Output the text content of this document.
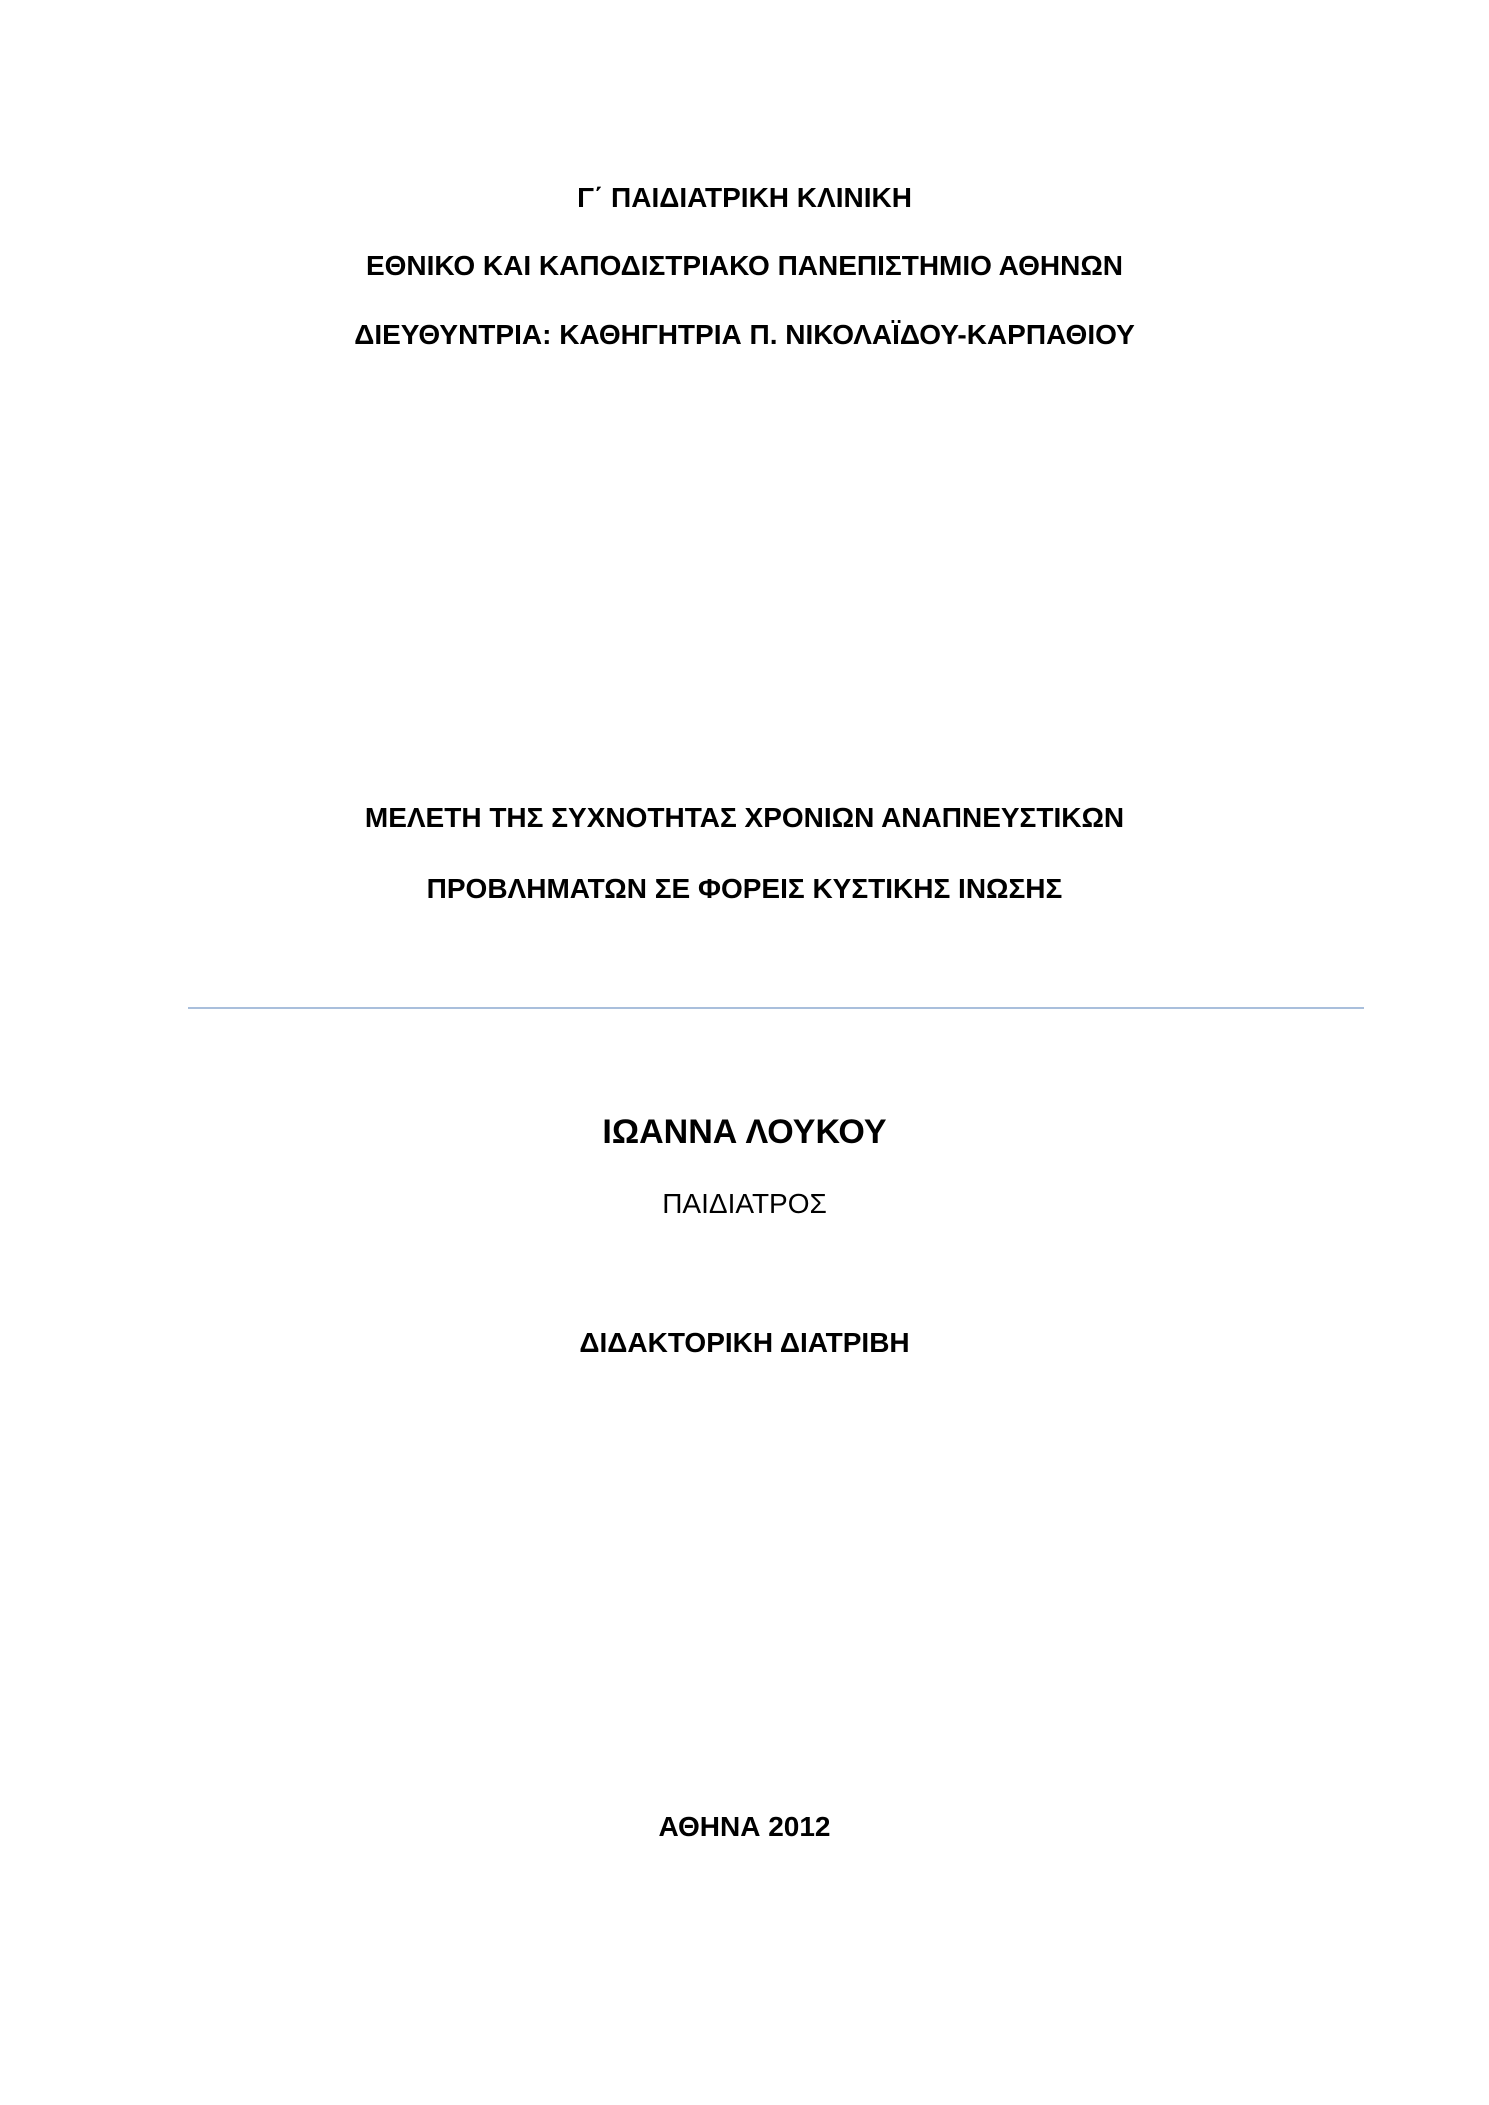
Γ΄ ΠΑΙΔΙΑΤΡΙΚΗ ΚΛΙΝΙΚΗ
ΕΘΝΙΚΟ ΚΑΙ ΚΑΠΟΔΙΣΤΡΙΑΚΟ ΠΑΝΕΠΙΣΤΗΜΙΟ ΑΘΗΝΩΝ
ΔΙΕΥΘΥΝΤΡΙΑ: ΚΑΘΗΓΗΤΡΙΑ Π. ΝΙΚΟΛΑΪΔΟΥ-ΚΑΡΠΑΘΙΟΥ
ΜΕΛΕΤΗ ΤΗΣ ΣΥΧΝΟΤΗΤΑΣ ΧΡΟΝΙΩΝ ΑΝΑΠΝΕΥΣΤΙΚΩΝ
ΠΡΟΒΛΗΜΑΤΩΝ ΣΕ ΦΟΡΕΙΣ ΚΥΣΤΙΚΗΣ ΙΝΩΣΗΣ
ΙΩΑΝΝΑ ΛΟΥΚΟΥ
ΠΑΙΔΙΑΤΡΟΣ
ΔΙΔΑΚΤΟΡΙΚΗ ΔΙΑΤΡΙΒΗ
ΑΘΗΝΑ 2012
